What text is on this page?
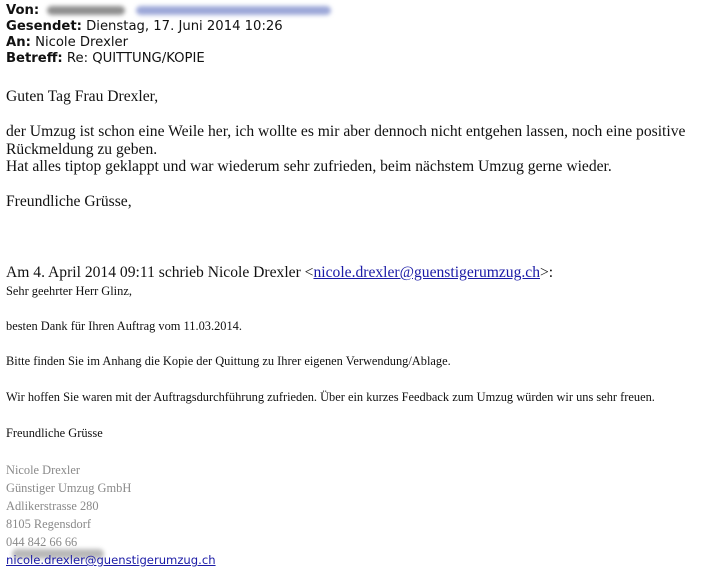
Von:
Gesendet: Dienstag, 17. Juni 2014 10:26
An: Nicole Drexler
Betreff: Re: QUITTUNG/KOPIE

Guten Tag Frau Drexler,

der Umzug ist schon eine Weile her, ich wollte es mir aber dennoch nicht entgehen lassen, noch eine positive Rückmeldung zu geben.

Hat alles tiptop geklappt und war wiederum sehr zufrieden, beim nächstem Umzug gerne wieder.

Freundliche Grüsse,

Am 4. April 2014 09:11 schrieb Nicole Drexler <nicole.drexler@guenstigerumzug.ch>:
Sehr geehrter Herr Glinz,
besten Dank für Ihren Auftrag vom 11.03.2014.
Bitte finden Sie im Anhang die Kopie der Quittung zu Ihrer eigenen Verwendung/Ablage.
Wir hoffen Sie waren mit der Auftragsdurchführung zufrieden. Über ein kurzes Feedback zum Umzug würden wir uns sehr freuen.
Freundliche Grüsse
Nicole Drexler
Günstiger Umzug GmbH
Adlikerstrasse 280
8105 Regensdorf
044 842 66 66
nicole.drexler@guenstigerumzug.ch
